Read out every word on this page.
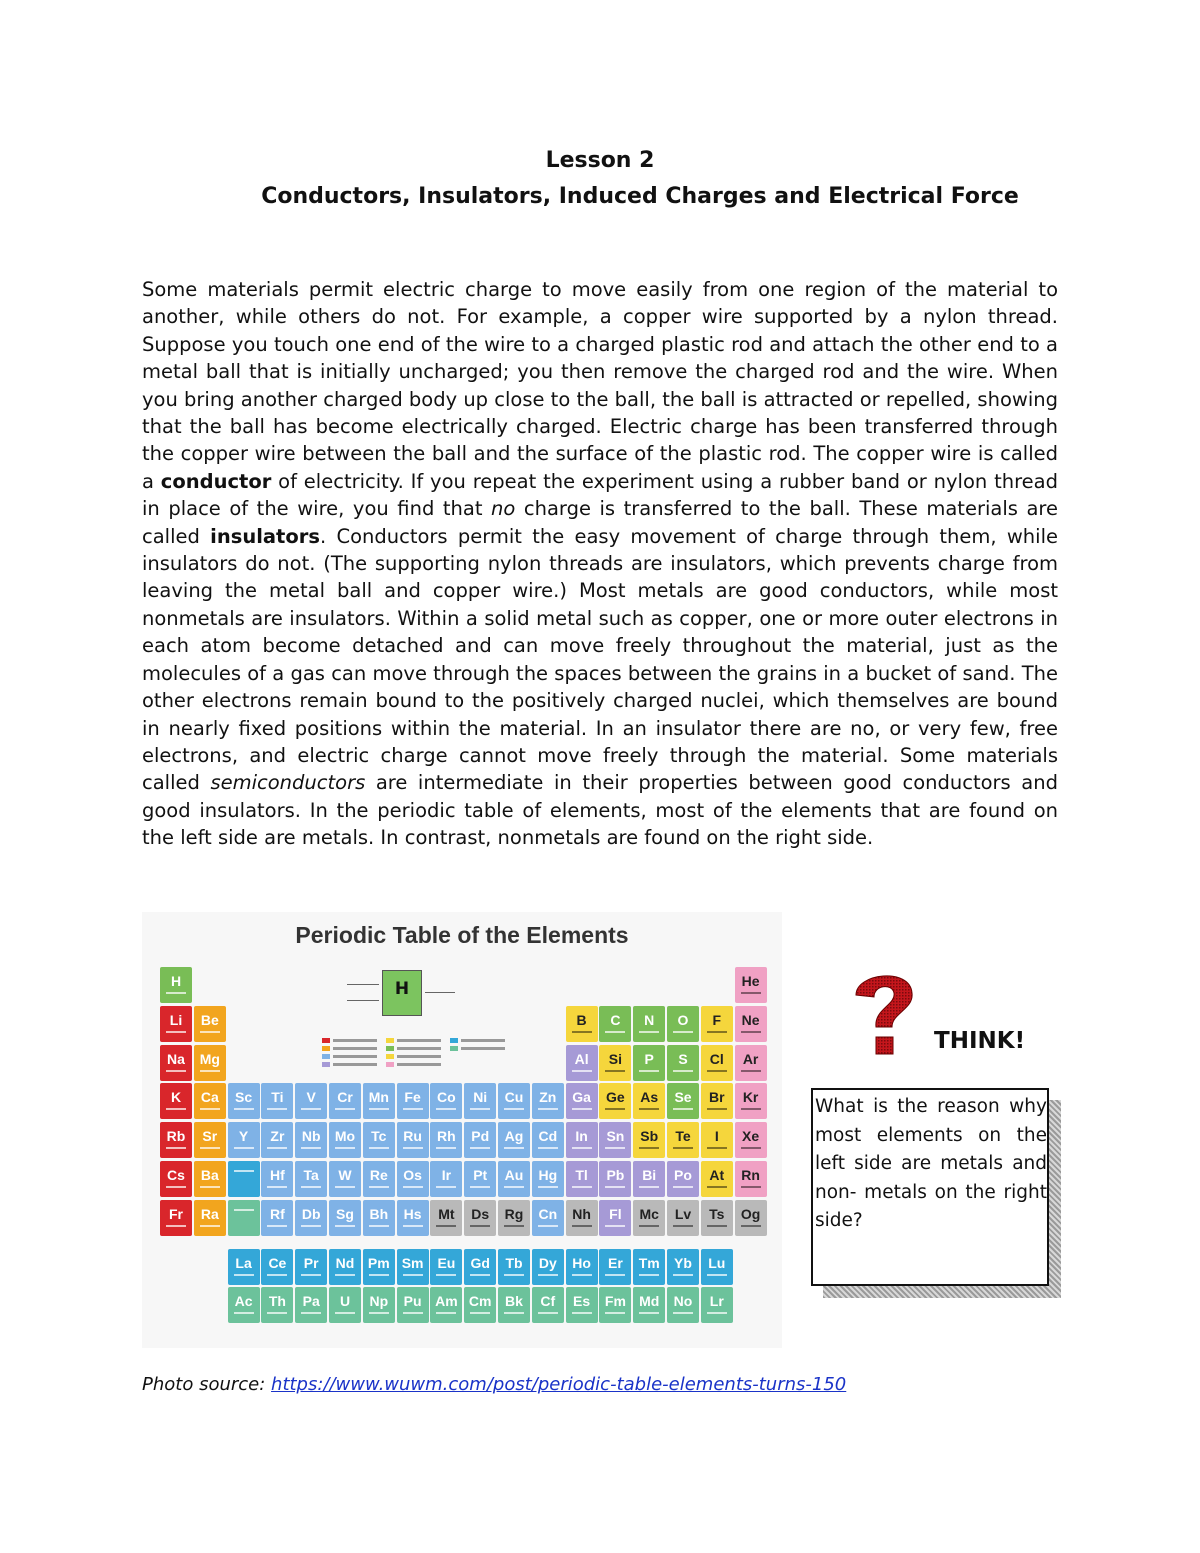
Lesson 2
Conductors, Insulators, Induced Charges and Electrical Force
Some materials permit electric charge to move easily from one region of the material to another, while others do not. For example, a copper wire supported by a nylon thread. Suppose you touch one end of the wire to a charged plastic rod and attach the other end to a metal ball that is initially uncharged; you then remove the charged rod and the wire. When you bring another charged body up close to the ball, the ball is attracted or repelled, showing that the ball has become electrically charged. Electric charge has been transferred through the copper wire between the ball and the surface of the plastic rod. The copper wire is called a conductor of electricity. If you repeat the experiment using a rubber band or nylon thread in place of the wire, you find that no charge is transferred to the ball. These materials are called insulators. Conductors permit the easy movement of charge through them, while insulators do not. (The supporting nylon threads are insulators, which prevents charge from leaving the metal ball and copper wire.) Most metals are good conductors, while most nonmetals are insulators. Within a solid metal such as copper, one or more outer electrons in each atom become detached and can move freely throughout the material, just as the molecules of a gas can move through the spaces between the grains in a bucket of sand. The other electrons remain bound to the positively charged nuclei, which themselves are bound in nearly fixed positions within the material. In an insulator there are no, or very few, free electrons, and electric charge cannot move freely through the material. Some materials called semiconductors are intermediate in their properties between good conductors and good insulators. In the periodic table of elements, most of the elements that are found on the left side are metals. In contrast, nonmetals are found on the right side.
Periodic Table of the Elements
H
H	He
Li	Be	B	C	N	O	F	Ne
Na	Mg	Al	Si	P	S	Cl	Ar
K	Ca	Sc	Ti	V	Cr	Mn	Fe	Co	Ni	Cu	Zn	Ga	Ge	As	Se	Br	Kr
Rb	Sr	Y	Zr	Nb	Mo	Tc	Ru	Rh	Pd	Ag	Cd	In	Sn	Sb	Te	I	Xe
Cs	Ba	Hf	Ta	W	Re	Os	Ir	Pt	Au	Hg	Tl	Pb	Bi	Po	At	Rn
Fr	Ra	Rf	Db	Sg	Bh	Hs	Mt	Ds	Rg	Cn	Nh	Fl	Mc	Lv	Ts	Og
La	Ce	Pr	Nd Pm Sm Eu	Gd	Tb	Dy	Ho	Er	Tm	Yb	Lu
Ac	Th	Pa	U	Np	Pu Am Cm Bk	Cf	Es	Fm Md	No	Lr
THINK!
What is the reason why most elements on the left side are metals and non- metals on the right side?
Photo source: https://www.wuwm.com/post/periodic-table-elements-turns-150
